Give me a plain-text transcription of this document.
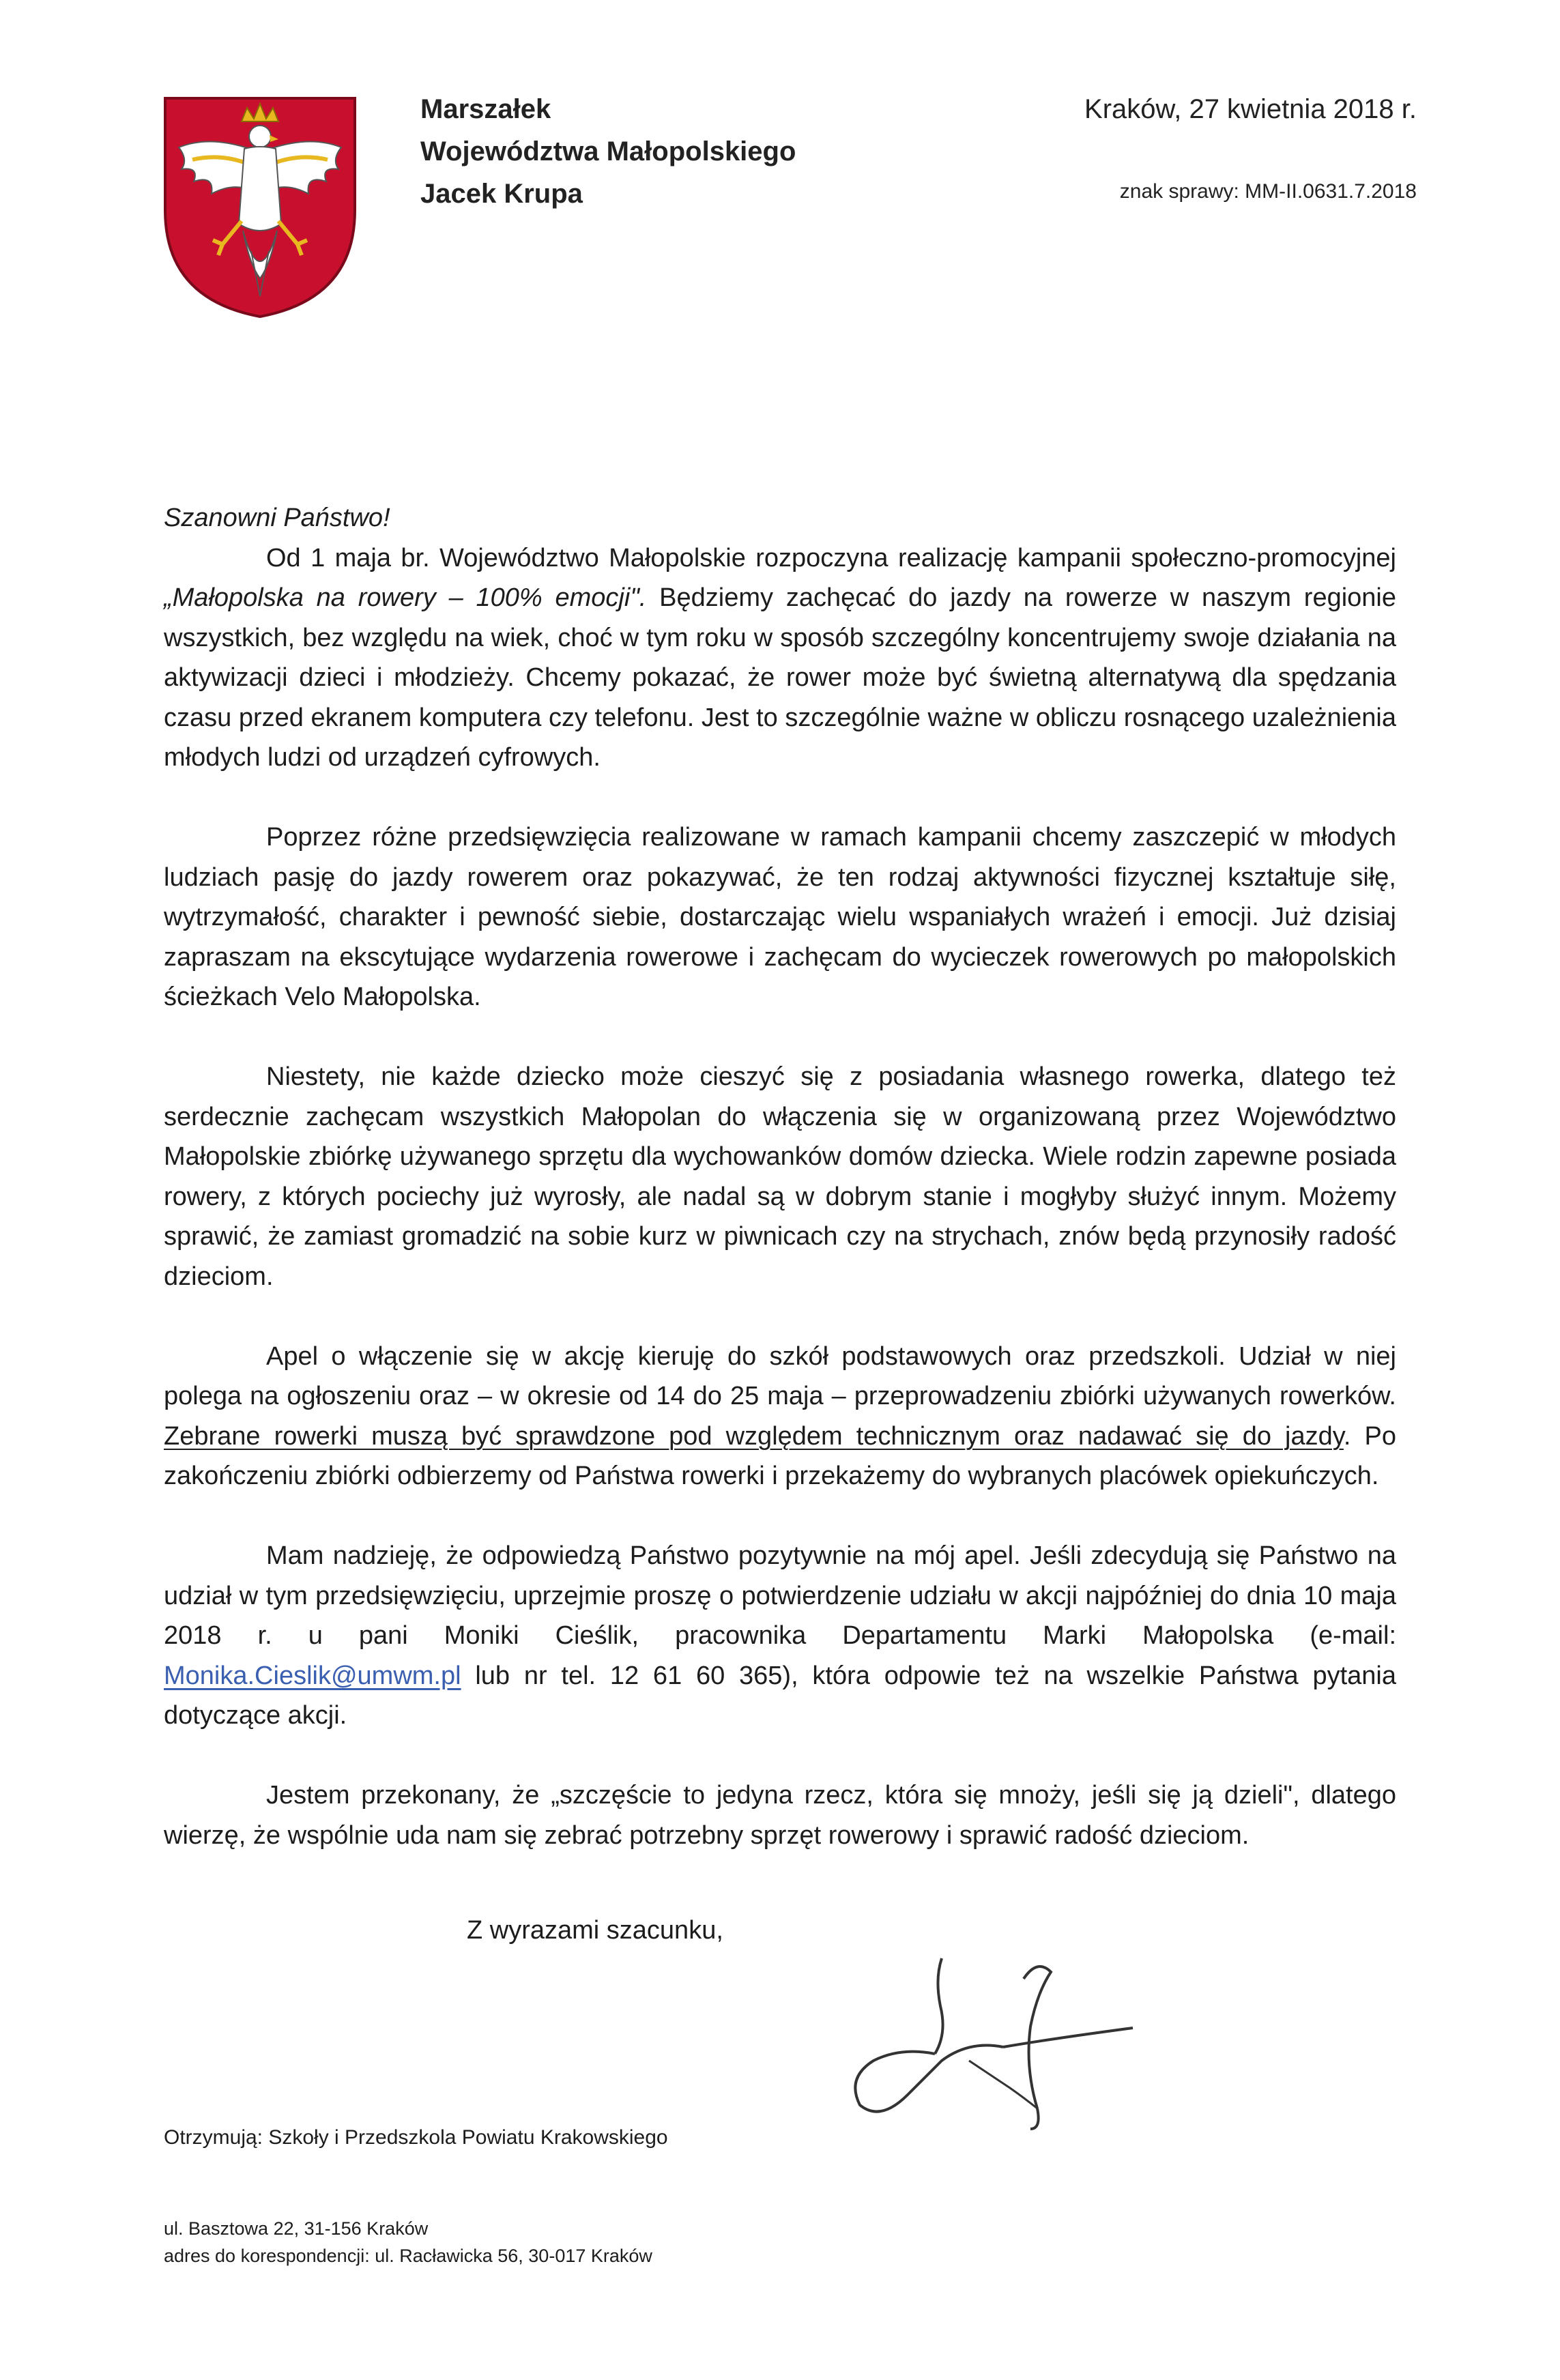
Marszałek
Województwa Małopolskiego
Jacek Krupa
Kraków, 27 kwietnia 2018 r.
znak sprawy: MM-II.0631.7.2018

Szanowni Państwo!

Od 1 maja br. Województwo Małopolskie rozpoczyna realizację kampanii społeczno-promocyjnej „Małopolska na rowery – 100% emocji". Będziemy zachęcać do jazdy na rowerze w naszym regionie wszystkich, bez względu na wiek, choć w tym roku w sposób szczególny koncentrujemy swoje działania na aktywizacji dzieci i młodzieży. Chcemy pokazać, że rower może być świetną alternatywą dla spędzania czasu przed ekranem komputera czy telefonu. Jest to szczególnie ważne w obliczu rosnącego uzależnienia młodych ludzi od urządzeń cyfrowych.

Poprzez różne przedsięwzięcia realizowane w ramach kampanii chcemy zaszczepić w młodych ludziach pasję do jazdy rowerem oraz pokazywać, że ten rodzaj aktywności fizycznej kształtuje siłę, wytrzymałość, charakter i pewność siebie, dostarczając wielu wspaniałych wrażeń i emocji. Już dzisiaj zapraszam na ekscytujące wydarzenia rowerowe i zachęcam do wycieczek rowerowych po małopolskich ścieżkach Velo Małopolska.

Niestety, nie każde dziecko może cieszyć się z posiadania własnego rowerka, dlatego też serdecznie zachęcam wszystkich Małopolan do włączenia się w organizowaną przez Województwo Małopolskie zbiórkę używanego sprzętu dla wychowanków domów dziecka. Wiele rodzin zapewne posiada rowery, z których pociechy już wyrosły, ale nadal są w dobrym stanie i mogłyby służyć innym. Możemy sprawić, że zamiast gromadzić na sobie kurz w piwnicach czy na strychach, znów będą przynosiły radość dzieciom.

Apel o włączenie się w akcję kieruję do szkół podstawowych oraz przedszkoli. Udział w niej polega na ogłoszeniu oraz – w okresie od 14 do 25 maja – przeprowadzeniu zbiórki używanych rowerków. Zebrane rowerki muszą być sprawdzone pod względem technicznym oraz nadawać się do jazdy. Po zakończeniu zbiórki odbierzemy od Państwa rowerki i przekażemy do wybranych placówek opiekuńczych.

Mam nadzieję, że odpowiedzą Państwo pozytywnie na mój apel. Jeśli zdecydują się Państwo na udział w tym przedsięwzięciu, uprzejmie proszę o potwierdzenie udziału w akcji najpóźniej do dnia 10 maja 2018 r. u pani Moniki Cieślik, pracownika Departamentu Marki Małopolska (e-mail: Monika.Cieslik@umwm.pl lub nr tel. 12 61 60 365), która odpowie też na wszelkie Państwa pytania dotyczące akcji.

Jestem przekonany, że „szczęście to jedyna rzecz, która się mnoży, jeśli się ją dzieli", dlatego wierzę, że wspólnie uda nam się zebrać potrzebny sprzęt rowerowy i sprawić radość dzieciom.

Z wyrazami szacunku,
Otrzymują: Szkoły i Przedszkola Powiatu Krakowskiego
ul. Basztowa 22, 31-156 Kraków
adres do korespondencji: ul. Racławicka 56, 30-017 Kraków
